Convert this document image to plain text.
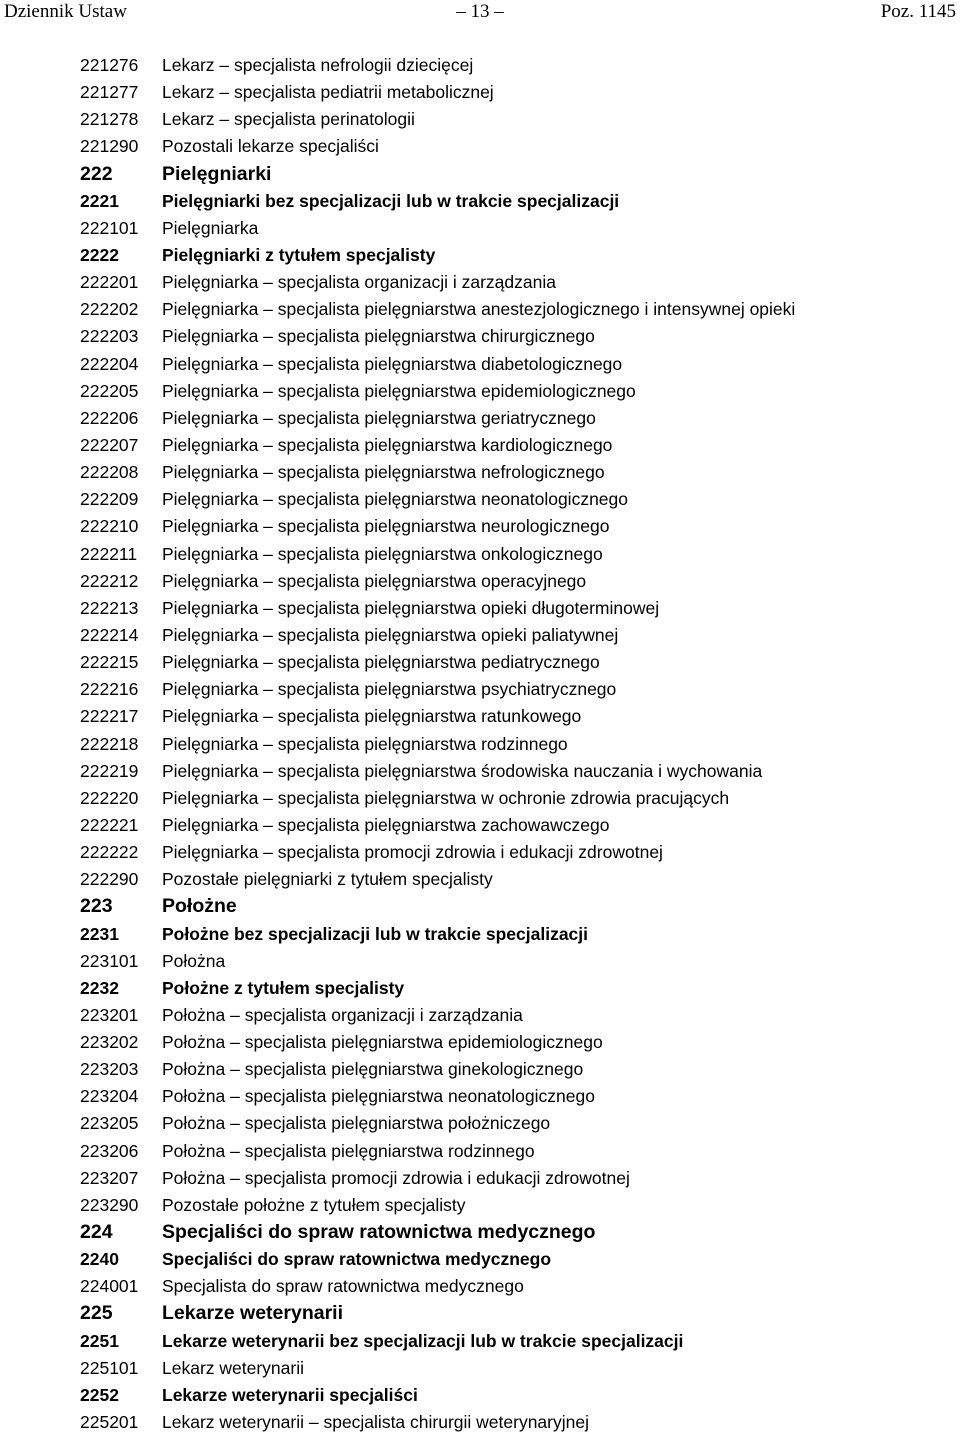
Dziennik Ustaw	– 13 –	Poz. 1145
221276 Lekarz – specjalista nefrologii dziecięcej
221277 Lekarz – specjalista pediatrii metabolicznej
221278 Lekarz – specjalista perinatologii
221290 Pozostali lekarze specjaliści
222	Pielęgniarki
2221 Pielęgniarki bez specjalizacji lub w trakcie specjalizacji
222101 Pielęgniarka
2222 Pielęgniarki z tytułem specjalisty
222201 Pielęgniarka – specjalista organizacji i zarządzania
222202 Pielęgniarka – specjalista pielęgniarstwa anestezjologicznego i intensywnej opieki
222203 Pielęgniarka – specjalista pielęgniarstwa chirurgicznego
222204 Pielęgniarka – specjalista pielęgniarstwa diabetologicznego
222205 Pielęgniarka – specjalista pielęgniarstwa epidemiologicznego
222206 Pielęgniarka – specjalista pielęgniarstwa geriatrycznego
222207 Pielęgniarka – specjalista pielęgniarstwa kardiologicznego
222208 Pielęgniarka – specjalista pielęgniarstwa nefrologicznego
222209 Pielęgniarka – specjalista pielęgniarstwa neonatologicznego
222210 Pielęgniarka – specjalista pielęgniarstwa neurologicznego
222211 Pielęgniarka – specjalista pielęgniarstwa onkologicznego
222212 Pielęgniarka – specjalista pielęgniarstwa operacyjnego
222213 Pielęgniarka – specjalista pielęgniarstwa opieki długoterminowej
222214 Pielęgniarka – specjalista pielęgniarstwa opieki paliatywnej
222215 Pielęgniarka – specjalista pielęgniarstwa pediatrycznego
222216 Pielęgniarka – specjalista pielęgniarstwa psychiatrycznego
222217 Pielęgniarka – specjalista pielęgniarstwa ratunkowego
222218 Pielęgniarka – specjalista pielęgniarstwa rodzinnego
222219 Pielęgniarka – specjalista pielęgniarstwa środowiska nauczania i wychowania
222220 Pielęgniarka – specjalista pielęgniarstwa w ochronie zdrowia pracujących
222221 Pielęgniarka – specjalista pielęgniarstwa zachowawczego
222222 Pielęgniarka – specjalista promocji zdrowia i edukacji zdrowotnej
222290 Pozostałe pielęgniarki z tytułem specjalisty
223	Położne
2231 Położne bez specjalizacji lub w trakcie specjalizacji
223101 Położna
2232 Położne z tytułem specjalisty
223201 Położna – specjalista organizacji i zarządzania
223202 Położna – specjalista pielęgniarstwa epidemiologicznego
223203 Położna – specjalista pielęgniarstwa ginekologicznego
223204 Położna – specjalista pielęgniarstwa neonatologicznego
223205 Położna – specjalista pielęgniarstwa położniczego
223206 Położna – specjalista pielęgniarstwa rodzinnego
223207 Położna – specjalista promocji zdrowia i edukacji zdrowotnej
223290 Pozostałe położne z tytułem specjalisty
224	Specjaliści do spraw ratownictwa medycznego
2240 Specjaliści do spraw ratownictwa medycznego
224001 Specjalista do spraw ratownictwa medycznego
225	Lekarze weterynarii
2251 Lekarze weterynarii bez specjalizacji lub w trakcie specjalizacji
225101 Lekarz weterynarii
2252 Lekarze weterynarii specjaliści
225201 Lekarz weterynarii – specjalista chirurgii weterynaryjnej
